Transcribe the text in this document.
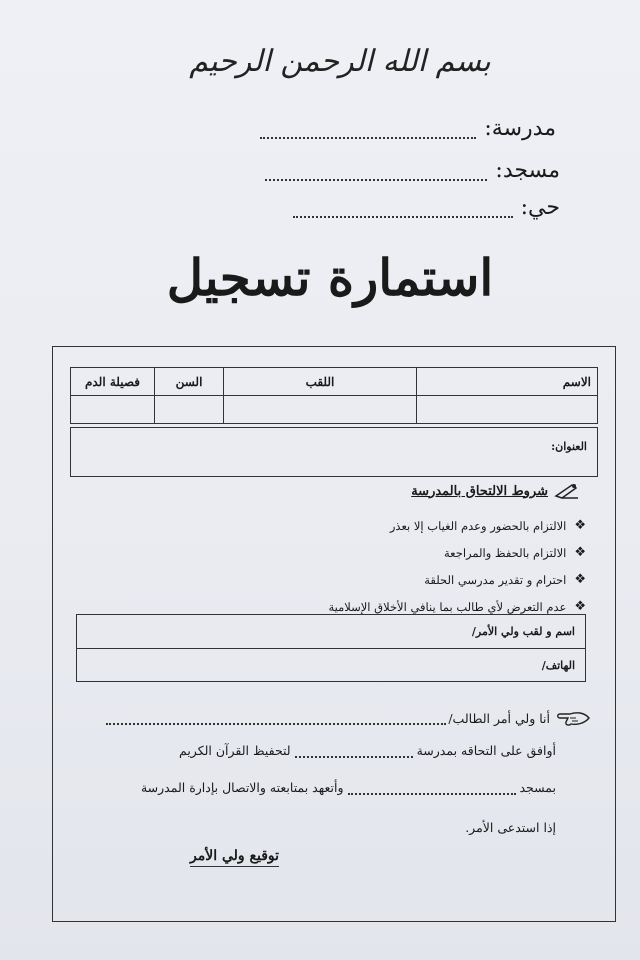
بسم الله الرحمن الرحيم
مدرسة:
مسجد:
حي:
استمارة تسجيل
الاسم	اللقب	السن	فصيلة الدم

العنوان:
شروط الالتحاق بالمدرسة
❖
الالتزام بالحضور وعدم الغياب إلا بعذر
❖
الالتزام بالحفظ والمراجعة
❖
احترام و تقدير مدرسي الحلقة
❖
عدم التعرض لأي طالب بما ينافي الأخلاق الإسلامية
اسم و لقب ولي الأمر/
الهاتف/
أنا ولي أمر الطالب/
أوافق على التحاقه بمدرسة
لتحفيظ القرآن الكريم
بمسجد
وأتعهد بمتابعته والاتصال بإدارة المدرسة
إذا استدعى الأمر.
توقيع ولي الأمر
